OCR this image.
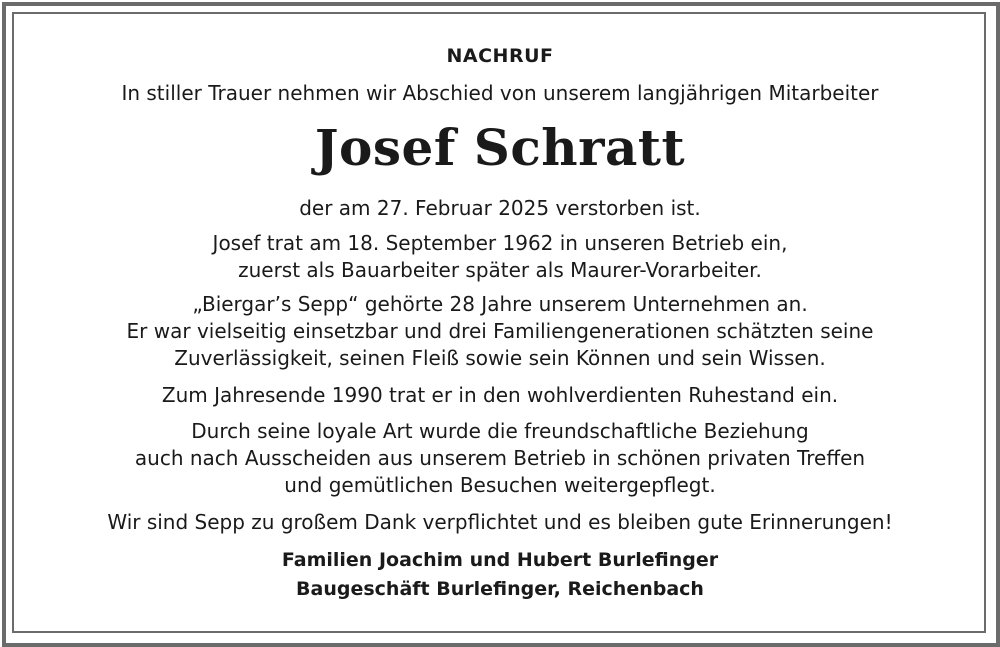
NACHRUF
In stiller Trauer nehmen wir Abschied von unserem langjährigen Mitarbeiter
Josef Schratt
der am 27. Februar 2025 verstorben ist.
Josef trat am 18. September 1962 in unseren Betrieb ein,
zuerst als Bauarbeiter später als Maurer-Vorarbeiter.
„Biergar’s Sepp“ gehörte 28 Jahre unserem Unternehmen an.
Er war vielseitig einsetzbar und drei Familiengenerationen schätzten seine
Zuverlässigkeit, seinen Fleiß sowie sein Können und sein Wissen.
Zum Jahresende 1990 trat er in den wohlverdienten Ruhestand ein.
Durch seine loyale Art wurde die freundschaftliche Beziehung
auch nach Ausscheiden aus unserem Betrieb in schönen privaten Treffen
und gemütlichen Besuchen weitergepflegt.
Wir sind Sepp zu großem Dank verpflichtet und es bleiben gute Erinnerungen!
Familien Joachim und Hubert Burlefinger
Baugeschäft Burlefinger, Reichenbach
